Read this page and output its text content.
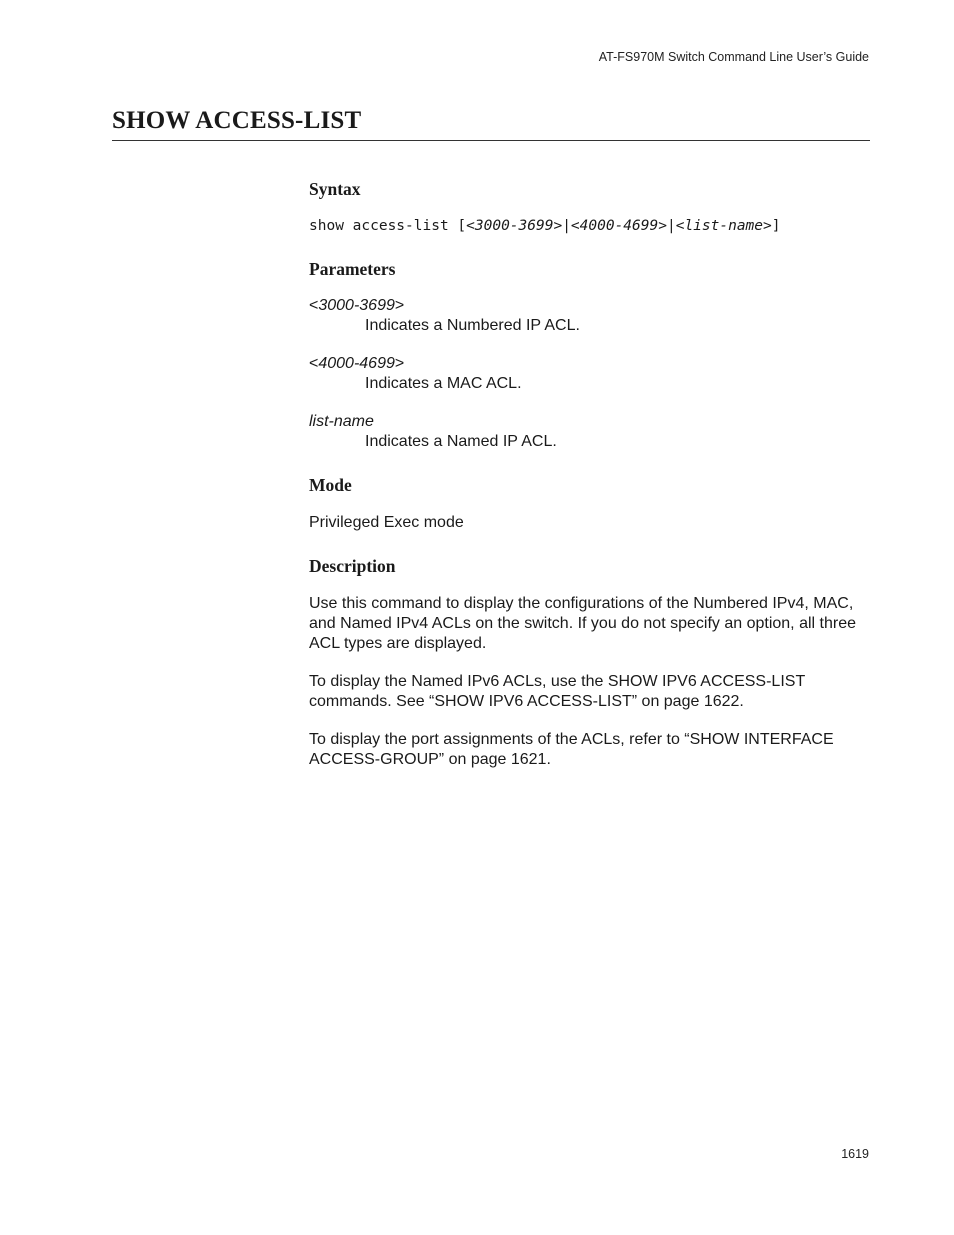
AT-FS970M Switch Command Line User’s Guide
SHOW ACCESS-LIST
Syntax
show access-list [<3000-3699>|<4000-4699>|<list-name>]
Parameters
<3000-3699>
Indicates a Numbered IP ACL.
<4000-4699>
Indicates a MAC ACL.
list-name
Indicates a Named IP ACL.
Mode

Privileged Exec mode

Description

Use this command to display the configurations of the Numbered IPv4, MAC, and Named IPv4 ACLs on the switch. If you do not specify an option, all three ACL types are displayed.

To display the Named IPv6 ACLs, use the SHOW IPV6 ACCESS-LIST commands. See “SHOW IPV6 ACCESS-LIST” on page 1622.

To display the port assignments of the ACLs, refer to “SHOW INTERFACE ACCESS-GROUP” on page 1621.

1619
